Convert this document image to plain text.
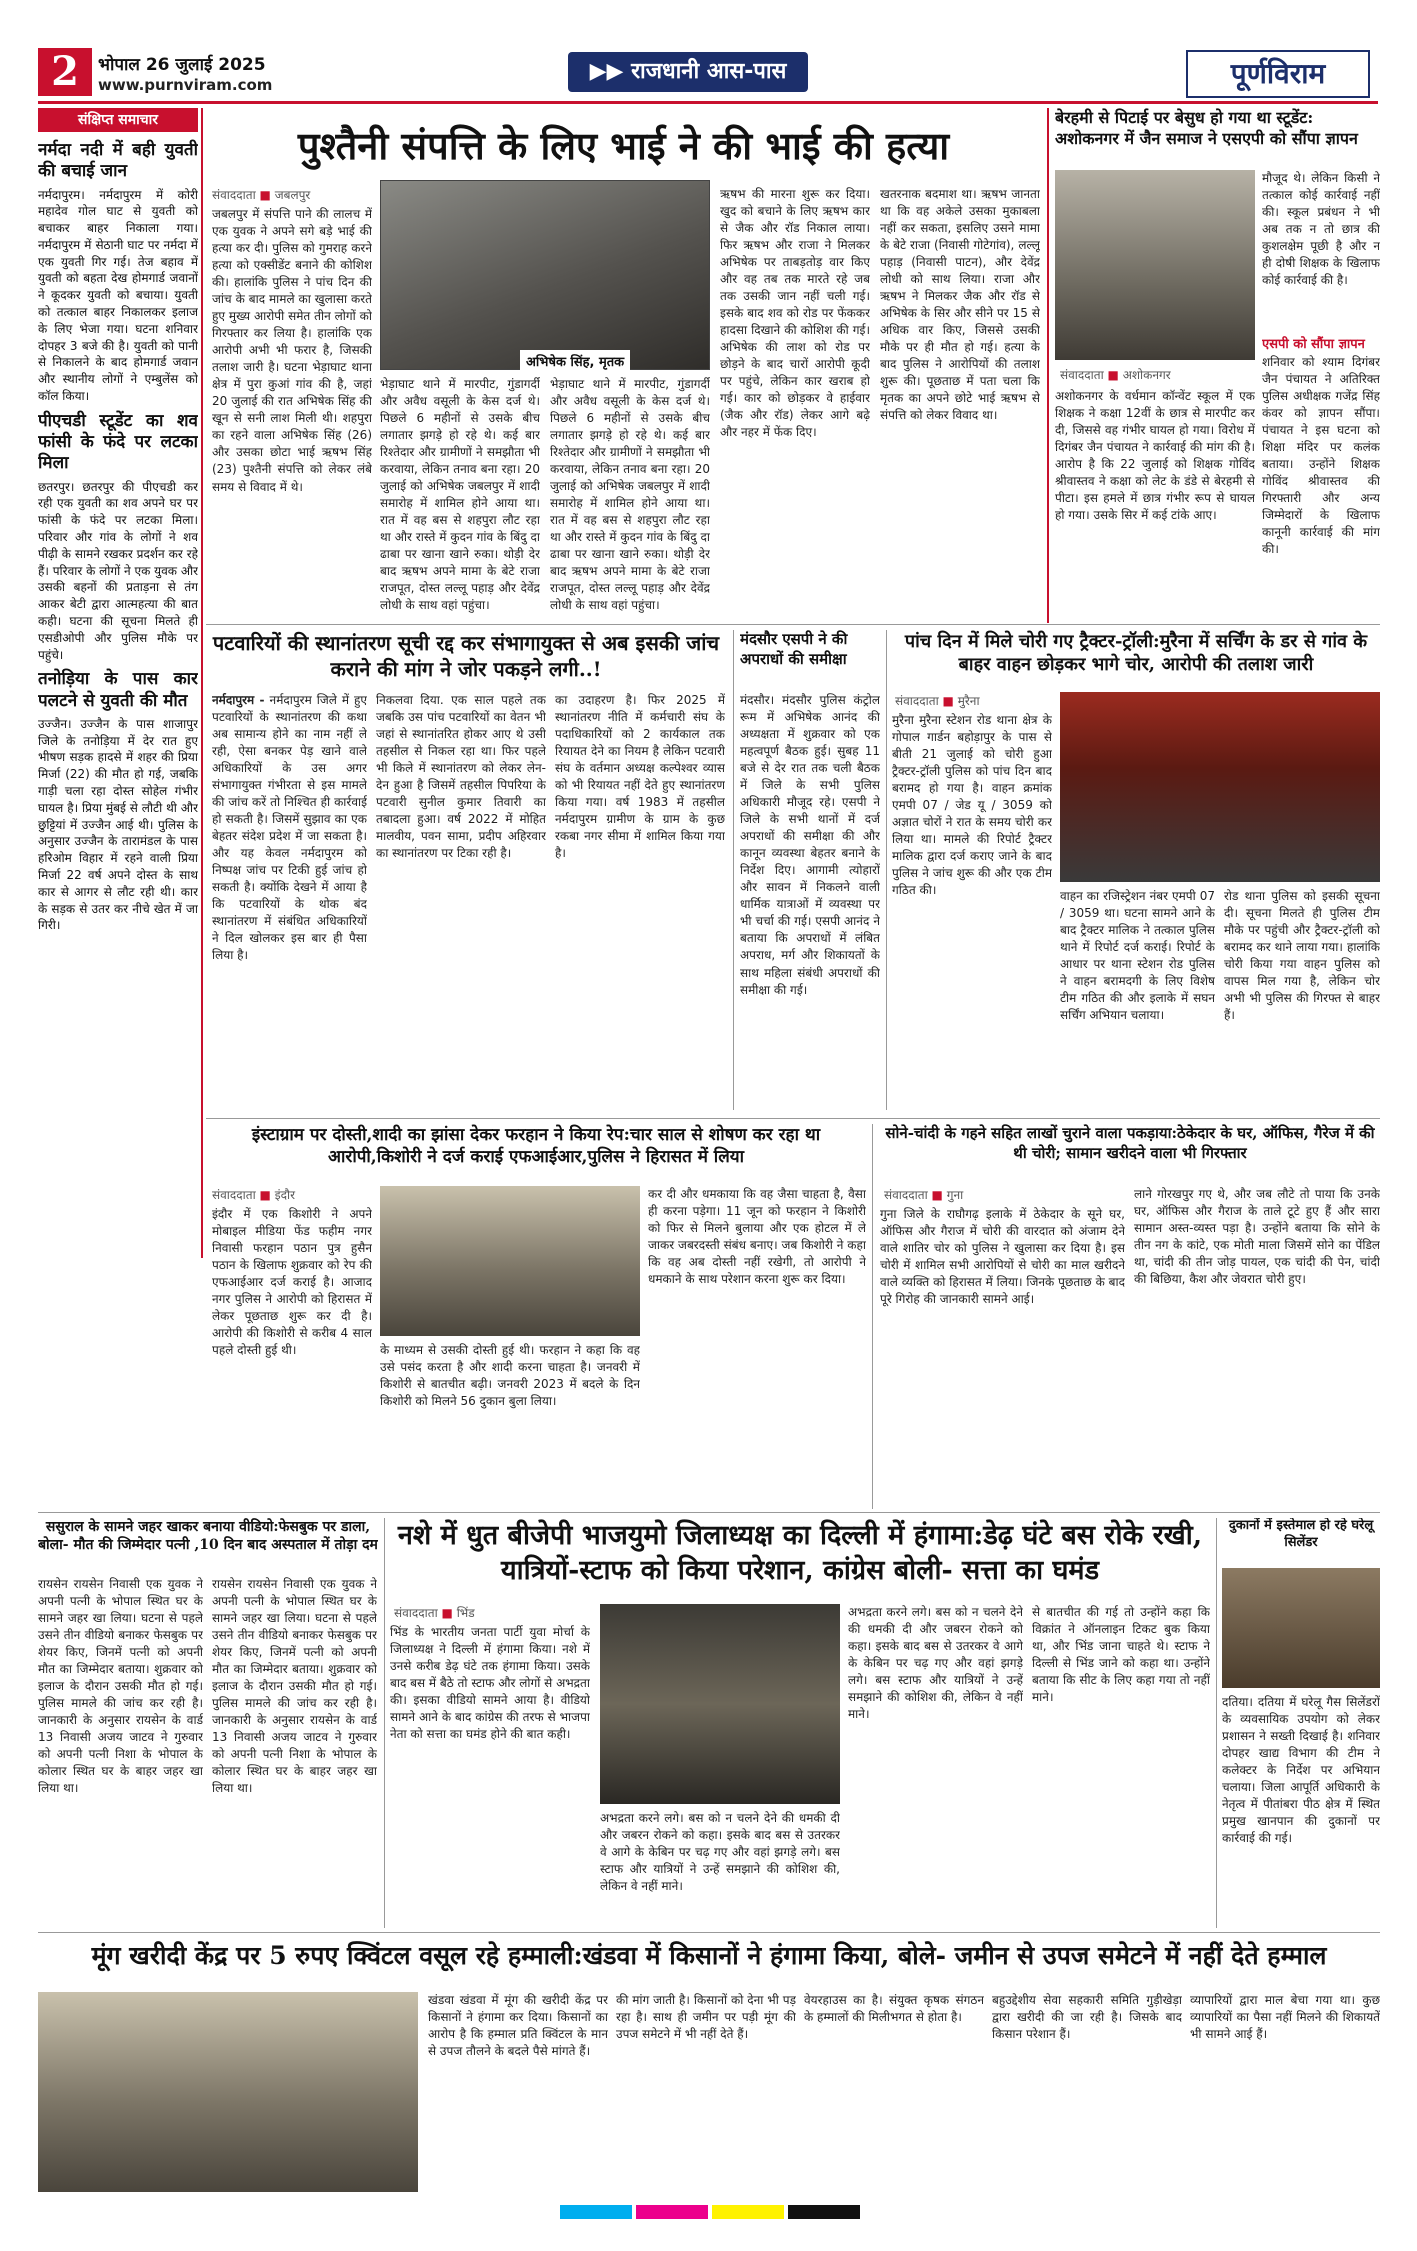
2	भोपाल 26 जुलाई 2025
www.purnviram.com
▶▶ राजधानी आस-पास	पूर्णविराम
संक्षिप्त समाचार
नर्मदा नदी में बही युवती की बचाई जान

नर्मदापुरम। नर्मदापुरम में कोरी महादेव गोल घाट से युवती को बचाकर बाहर निकाला गया। नर्मदापुरम में सेठानी घाट पर नर्मदा में एक युवती गिर गई। तेज बहाव में युवती को बहता देख होमगार्ड जवानों ने कूदकर युवती को बचाया। युवती को तत्काल बाहर निकालकर इलाज के लिए भेजा गया। घटना शनिवार दोपहर 3 बजे की है। युवती को पानी से निकालने के बाद होमगार्ड जवान और स्थानीय लोगों ने एम्बुलेंस को कॉल किया।

पीएचडी स्टूडेंट का शव फांसी के फंदे पर लटका मिला

छतरपुर। छतरपुर की पीएचडी कर रही एक युवती का शव अपने घर पर फांसी के फंदे पर लटका मिला। परिवार और गांव के लोगों ने शव पीढ़ी के सामने रखकर प्रदर्शन कर रहे हैं। परिवार के लोगों ने एक युवक और उसकी बहनों की प्रताड़ना से तंग आकर बेटी द्वारा आत्महत्या की बात कही। घटना की सूचना मिलते ही एसडीओपी और पुलिस मौके पर पहुंचे।

तनोड़िया के पास कार पलटने से युवती की मौत

उज्जैन। उज्जैन के पास शाजापुर जिले के तनोड़िया में देर रात हुए भीषण सड़क हादसे में शहर की प्रिया मिर्जा (22) की मौत हो गई, जबकि गाड़ी चला रहा दोस्त सोहेल गंभीर घायल है। प्रिया मुंबई से लौटी थी और छुट्टियां में उज्जैन आई थी। पुलिस के अनुसार उज्जैन के तारामंडल के पास हरिओम विहार में रहने वाली प्रिया मिर्जा 22 वर्ष अपने दोस्त के साथ कार से आगर से लौट रही थी। कार के सड़क से उतर कर नीचे खेत में जा गिरी।

पुश्तैनी संपत्ति के लिए भाई ने की भाई की हत्या
संवाददाता ■ जबलपुर
जबलपुर में संपत्ति पाने की लालच में एक युवक ने अपने सगे बड़े भाई की हत्या कर दी। पुलिस को गुमराह करने हत्या को एक्सीडेंट बनाने की कोशिश की। हालांकि पुलिस ने पांच दिन की जांच के बाद मामले का खुलासा करते हुए मुख्य आरोपी समेत तीन लोगों को गिरफ्तार कर लिया है। हालांकि एक आरोपी अभी भी फरार है, जिसकी तलाश जारी है। घटना भेड़ाघाट थाना क्षेत्र में पुरा कुआं गांव की है, जहां 20 जुलाई की रात अभिषेक सिंह की खून से सनी लाश मिली थी। शहपुरा का रहने वाला अभिषेक सिंह (26) और उसका छोटा भाई ऋषभ सिंह (23) पुश्तैनी संपत्ति को लेकर लंबे समय से विवाद में थे।
अभिषेक सिंह, मृतक
भेड़ाघाट थाने में मारपीट, गुंडागर्दी और अवैध वसूली के केस दर्ज थे। पिछले 6 महीनों से उसके बीच लगातार झगड़े हो रहे थे। कई बार रिश्तेदार और ग्रामीणों ने समझौता भी करवाया, लेकिन तनाव बना रहा। 20 जुलाई को अभिषेक जबलपुर में शादी समारोह में शामिल होने आया था। रात में वह बस से शहपुरा लौट रहा था और रास्ते में कुदन गांव के बिंदु दा ढाबा पर खाना खाने रुका। थोड़ी देर बाद ऋषभ अपने मामा के बेटे राजा राजपूत, दोस्त लल्लू पहाड़ और देवेंद्र लोधी के साथ वहां पहुंचा।
भेड़ाघाट थाने में मारपीट, गुंडागर्दी और अवैध वसूली के केस दर्ज थे। पिछले 6 महीनों से उसके बीच लगातार झगड़े हो रहे थे। कई बार रिश्तेदार और ग्रामीणों ने समझौता भी करवाया, लेकिन तनाव बना रहा। 20 जुलाई को अभिषेक जबलपुर में शादी समारोह में शामिल होने आया था। रात में वह बस से शहपुरा लौट रहा था और रास्ते में कुदन गांव के बिंदु दा ढाबा पर खाना खाने रुका। थोड़ी देर बाद ऋषभ अपने मामा के बेटे राजा राजपूत, दोस्त लल्लू पहाड़ और देवेंद्र लोधी के साथ वहां पहुंचा।
ऋषभ की मारना शुरू कर दिया। खुद को बचाने के लिए ऋषभ कार से जैक और रॉड निकाल लाया। फिर ऋषभ और राजा ने मिलकर अभिषेक पर ताबड़तोड़ वार किए और वह तब तक मारते रहे जब तक उसकी जान नहीं चली गई। इसके बाद शव को रोड पर फेंककर हादसा दिखाने की कोशिश की गई। अभिषेक की लाश को रोड पर छोड़ने के बाद चारों आरोपी कूदी पर पहुंचे, लेकिन कार खराब हो गई। कार को छोड़कर वे हाईवार (जैक और रॉड) लेकर आगे बढ़े और नहर में फेंक दिए।
खतरनाक बदमाश था। ऋषभ जानता था कि वह अकेले उसका मुकाबला नहीं कर सकता, इसलिए उसने मामा के बेटे राजा (निवासी गोटेगांव), लल्लू पहाड़ (निवासी पाटन), और देवेंद्र लोधी को साथ लिया। राजा और ऋषभ ने मिलकर जैक और रॉड से अभिषेक के सिर और सीने पर 15 से अधिक वार किए, जिससे उसकी मौके पर ही मौत हो गई। हत्या के बाद पुलिस ने आरोपियों की तलाश शुरू की। पूछताछ में पता चला कि मृतक का अपने छोटे भाई ऋषभ से संपत्ति को लेकर विवाद था।
बेरहमी से पिटाई पर बेसुध हो गया था स्टूडेंट: अशोकनगर में जैन समाज ने एसएपी को सौंपा ज्ञापन
संवाददाता ■ अशोकनगर
अशोकनगर के वर्धमान कॉन्वेंट स्कूल में एक शिक्षक ने कक्षा 12वीं के छात्र से मारपीट कर दी, जिससे वह गंभीर घायल हो गया। विरोध में दिगंबर जैन पंचायत ने कार्रवाई की मांग की है। आरोप है कि 22 जुलाई को शिक्षक गोविंद श्रीवास्तव ने कक्षा को लेट के डंडे से बेरहमी से पीटा। इस हमले में छात्र गंभीर रूप से घायल हो गया। उसके सिर में कई टांके आए।
मौजूद थे। लेकिन किसी ने तत्काल कोई कार्रवाई नहीं की। स्कूल प्रबंधन ने भी अब तक न तो छात्र की कुशलक्षेम पूछी है और न ही दोषी शिक्षक के खिलाफ कोई कार्रवाई की है।
एसपी को सौंपा ज्ञापन
शनिवार को श्याम दिगंबर जैन पंचायत ने अतिरिक्त पुलिस अधीक्षक गजेंद्र सिंह कंवर को ज्ञापन सौंपा। पंचायत ने इस घटना को शिक्षा मंदिर पर कलंक बताया। उन्होंने शिक्षक गोविंद श्रीवास्तव की गिरफ्तारी और अन्य जिम्मेदारों के खिलाफ कानूनी कार्रवाई की मांग की।
पटवारियों की स्थानांतरण सूची रद्द कर संभागायुक्त से अब इसकी जांच कराने की मांग ने जोर पकड़ने लगी..!
नर्मदापुरम - नर्मदापुरम जिले में हुए पटवारियों के स्थानांतरण की कथा अब सामान्य होने का नाम नहीं ले रही, ऐसा बनकर पेड़ खाने वाले अधिकारियों के उस अगर संभागायुक्त गंभीरता से इस मामले की जांच करें तो निश्चित ही कार्रवाई हो सकती है। जिसमें सुझाव का एक बेहतर संदेश प्रदेश में जा सकता है। और यह केवल नर्मदापुरम को निष्पक्ष जांच पर टिकी हुई जांच हो सकती है। क्योंकि देखने में आया है कि पटवारियों के थोक बंद स्थानांतरण में संबंधित अधिकारियों ने दिल खोलकर इस बार ही पैसा लिया है।
निकलवा दिया. एक साल पहले तक जबकि उस पांच पटवारियों का वेतन भी जहां से स्थानांतरित होकर आए थे उसी तहसील से निकल रहा था। फिर पहले भी किले में स्थानांतरण को लेकर लेन-देन हुआ है जिसमें तहसील पिपरिया के पटवारी सुनील कुमार तिवारी का तबादला हुआ। वर्ष 2022 में मोहित मालवीय, पवन सामा, प्रदीप अहिरवार का स्थानांतरण पर टिका रही है।
का उदाहरण है। फिर 2025 में स्थानांतरण नीति में कर्मचारी संघ के पदाधिकारियों को 2 कार्यकाल तक रियायत देने का नियम है लेकिन पटवारी संघ के वर्तमान अध्यक्ष कल्पेश्वर व्यास को भी रियायत नहीं देते हुए स्थानांतरण किया गया। वर्ष 1983 में तहसील नर्मदापुरम ग्रामीण के ग्राम के कुछ रकबा नगर सीमा में शामिल किया गया है।
मंदसौर एसपी ने की अपराधों की समीक्षा
मंदसौर। मंदसौर पुलिस कंट्रोल रूम में अभिषेक आनंद की अध्यक्षता में शुक्रवार को एक महत्वपूर्ण बैठक हुई। सुबह 11 बजे से देर रात तक चली बैठक में जिले के सभी पुलिस अधिकारी मौजूद रहे। एसपी ने जिले के सभी थानों में दर्ज अपराधों की समीक्षा की और कानून व्यवस्था बेहतर बनाने के निर्देश दिए। आगामी त्योहारों और सावन में निकलने वाली धार्मिक यात्राओं में व्यवस्था पर भी चर्चा की गई। एसपी आनंद ने बताया कि अपराधों में लंबित अपराध, मर्ग और शिकायतों के साथ महिला संबंधी अपराधों की समीक्षा की गई।
पांच दिन में मिले चोरी गए ट्रैक्टर-ट्रॉली:मुरैना में सर्चिंग के डर से गांव के बाहर वाहन छोड़कर भागे चोर, आरोपी की तलाश जारी
संवाददाता ■ मुरैना
मुरैना मुरैना स्टेशन रोड थाना क्षेत्र के गोपाल गार्डन बहोड़ापुर के पास से बीती 21 जुलाई को चोरी हुआ ट्रैक्टर-ट्रॉली पुलिस को पांच दिन बाद बरामद हो गया है। वाहन क्रमांक एमपी 07 / जेड यू / 3059 को अज्ञात चोरों ने रात के समय चोरी कर लिया था। मामले की रिपोर्ट ट्रैक्टर मालिक द्वारा दर्ज कराए जाने के बाद पुलिस ने जांच शुरू की और एक टीम गठित की।	वाहन का रजिस्ट्रेशन नंबर एमपी 07 / 3059 था। घटना सामने आने के बाद ट्रैक्टर मालिक ने तत्काल पुलिस थाने में रिपोर्ट दर्ज कराई। रिपोर्ट के आधार पर थाना स्टेशन रोड पुलिस ने वाहन बरामदगी के लिए विशेष टीम गठित की और इलाके में सघन सर्चिंग अभियान चलाया।
रोड थाना पुलिस को इसकी सूचना दी। सूचना मिलते ही पुलिस टीम मौके पर पहुंची और ट्रैक्टर-ट्रॉली को बरामद कर थाने लाया गया। हालांकि चोरी किया गया वाहन पुलिस को वापस मिल गया है, लेकिन चोर अभी भी पुलिस की गिरफ्त से बाहर हैं।
इंस्टाग्राम पर दोस्ती,शादी का झांसा देकर फरहान ने किया रेप:चार साल से शोषण कर रहा था आरोपी,किशोरी ने दर्ज कराई एफआईआर,पुलिस ने हिरासत में लिया
संवाददाता ■ इंदौर
इंदौर में एक किशोरी ने अपने मोबाइल मीडिया फेंड फहीम नगर निवासी फरहान पठान पुत्र हुसैन पठान के खिलाफ शुक्रवार को रेप की एफआईआर दर्ज कराई है। आजाद नगर पुलिस ने आरोपी को हिरासत में लेकर पूछताछ शुरू कर दी है। आरोपी की किशोरी से करीब 4 साल पहले दोस्ती हुई थी।	के माध्यम से उसकी दोस्ती हुई थी। फरहान ने कहा कि वह उसे पसंद करता है और शादी करना चाहता है। जनवरी में किशोरी से बातचीत बढ़ी। जनवरी 2023 में बदले के दिन किशोरी को मिलने 56 दुकान बुला लिया।
कर दी और धमकाया कि वह जैसा चाहता है, वैसा ही करना पड़ेगा। 11 जून को फरहान ने किशोरी को फिर से मिलने बुलाया और एक होटल में ले जाकर जबरदस्ती संबंध बनाए। जब किशोरी ने कहा कि वह अब दोस्ती नहीं रखेगी, तो आरोपी ने धमकाने के साथ परेशान करना शुरू कर दिया।
सोने-चांदी के गहने सहित लाखों चुराने वाला पकड़ाया:ठेकेदार के घर, ऑफिस, गैरेज में की थी चोरी; सामान खरीदने वाला भी गिरफ्तार
संवाददाता ■ गुना
गुना जिले के राघौगढ़ इलाके में ठेकेदार के सूने घर, ऑफिस और गैराज में चोरी की वारदात को अंजाम देने वाले शातिर चोर को पुलिस ने खुलासा कर दिया है। इस चोरी में शामिल सभी आरोपियों से चोरी का माल खरीदने वाले व्यक्ति को हिरासत में लिया। जिनके पूछताछ के बाद पूरे गिरोह की जानकारी सामने आई।
लाने गोरखपुर गए थे, और जब लौटे तो पाया कि उनके घर, ऑफिस और गैराज के ताले टूटे हुए हैं और सारा सामान अस्त-व्यस्त पड़ा है। उन्होंने बताया कि सोने के तीन नग के कांटे, एक मोती माला जिसमें सोने का पेंडिल था, चांदी की तीन जोड़ पायल, एक चांदी की पेन, चांदी की बिछिया, कैश और जेवरात चोरी हुए।
ससुराल के सामने जहर खाकर बनाया वीडियो:फेसबुक पर डाला, बोला- मौत की जिम्मेदार पत्नी ,10 दिन बाद अस्पताल में तोड़ा दम
रायसेन रायसेन निवासी एक युवक ने अपनी पत्नी के भोपाल स्थित घर के सामने जहर खा लिया। घटना से पहले उसने तीन वीडियो बनाकर फेसबुक पर शेयर किए, जिनमें पत्नी को अपनी मौत का जिम्मेदार बताया। शुक्रवार को इलाज के दौरान उसकी मौत हो गई। पुलिस मामले की जांच कर रही है। जानकारी के अनुसार रायसेन के वार्ड 13 निवासी अजय जाटव ने गुरुवार को अपनी पत्नी निशा के भोपाल के कोलार स्थित घर के बाहर जहर खा लिया था।
रायसेन रायसेन निवासी एक युवक ने अपनी पत्नी के भोपाल स्थित घर के सामने जहर खा लिया। घटना से पहले उसने तीन वीडियो बनाकर फेसबुक पर शेयर किए, जिनमें पत्नी को अपनी मौत का जिम्मेदार बताया। शुक्रवार को इलाज के दौरान उसकी मौत हो गई। पुलिस मामले की जांच कर रही है। जानकारी के अनुसार रायसेन के वार्ड 13 निवासी अजय जाटव ने गुरुवार को अपनी पत्नी निशा के भोपाल के कोलार स्थित घर के बाहर जहर खा लिया था।
नशे में धुत बीजेपी भाजयुमो जिलाध्यक्ष का दिल्ली में हंगामा:डेढ़ घंटे बस रोके रखी, यात्रियों-स्टाफ को किया परेशान, कांग्रेस बोली- सत्ता का घमंड
संवाददाता ■ भिंड
भिंड के भारतीय जनता पार्टी युवा मोर्चा के जिलाध्यक्ष ने दिल्ली में हंगामा किया। नशे में उनसे करीब डेढ़ घंटे तक हंगामा किया। उसके बाद बस में बैठे तो स्टाफ और लोगों से अभद्रता की। इसका वीडियो सामने आया है। वीडियो सामने आने के बाद कांग्रेस की तरफ से भाजपा नेता को सत्ता का घमंड होने की बात कही।
अभद्रता करने लगे। बस को न चलने देने की धमकी दी और जबरन रोकने को कहा। इसके बाद बस से उतरकर वे आगे के केबिन पर चढ़ गए और वहां झगड़े लगे। बस स्टाफ और यात्रियों ने उन्हें समझाने की कोशिश की, लेकिन वे नहीं माने।
अभद्रता करने लगे। बस को न चलने देने की धमकी दी और जबरन रोकने को कहा। इसके बाद बस से उतरकर वे आगे के केबिन पर चढ़ गए और वहां झगड़े लगे। बस स्टाफ और यात्रियों ने उन्हें समझाने की कोशिश की, लेकिन वे नहीं माने।
से बातचीत की गई तो उन्होंने कहा कि विक्रांत ने ऑनलाइन टिकट बुक किया था, और भिंड जाना चाहते थे। स्टाफ ने दिल्ली से भिंड जाने को कहा था। उन्होंने बताया कि सीट के लिए कहा गया तो नहीं माने।
दुकानों में इस्तेमाल हो रहे घरेलू सिलेंडर
दतिया। दतिया में घरेलू गैस सिलेंडरों के व्यवसायिक उपयोग को लेकर प्रशासन ने सख्ती दिखाई है। शनिवार दोपहर खाद्य विभाग की टीम ने कलेक्टर के निर्देश पर अभियान चलाया। जिला आपूर्ति अधिकारी के नेतृत्व में पीतांबरा पीठ क्षेत्र में स्थित प्रमुख खानपान की दुकानों पर कार्रवाई की गई।
मूंग खरीदी केंद्र पर 5 रुपए क्विंटल वसूल रहे हम्माली:खंडवा में किसानों ने हंगामा किया, बोले- जमीन से उपज समेटने में नहीं देते हम्माल
खंडवा खंडवा में मूंग की खरीदी केंद्र पर किसानों ने हंगामा कर दिया। किसानों का आरोप है कि हम्माल प्रति क्विंटल के मान से उपज तौलने के बदले पैसे मांगते हैं।
की मांग जाती है। किसानों को देना भी पड़ रहा है। साथ ही जमीन पर पड़ी मूंग की उपज समेटने में भी नहीं देते हैं।
वेयरहाउस का है। संयुक्त कृषक संगठन के हम्मालों की मिलीभगत से होता है।
बहुउद्देशीय सेवा सहकारी समिति गुड़ीखेड़ा द्वारा खरीदी की जा रही है। जिसके बाद किसान परेशान हैं।
व्यापारियों द्वारा माल बेचा गया था। कुछ व्यापारियों का पैसा नहीं मिलने की शिकायतें भी सामने आई हैं।
